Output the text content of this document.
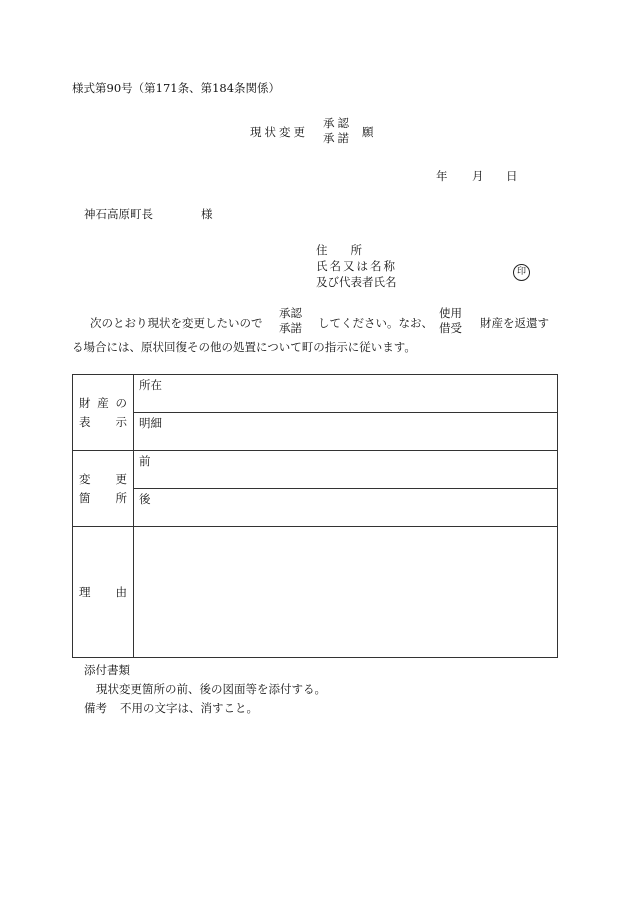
様式第90号（第171条、第184条関係）
現状変更
承認
承諾 願
年 月 日
神石高原町長	様
住　　所
氏名又は名称
及び代表者氏名
印
次のとおり現状を変更したいので
承認
承諾 してください。なお、
使用
借受 財産を返還す
る場合には、原状回復その他の処置について町の指示に従います。
財 産 の
表 示	所在

	明細

変 更
箇 所	前

	後

理 由	

添付書類
現状変更箇所の前、後の図面等を添付する。
備考 不用の文字は、消すこと。
